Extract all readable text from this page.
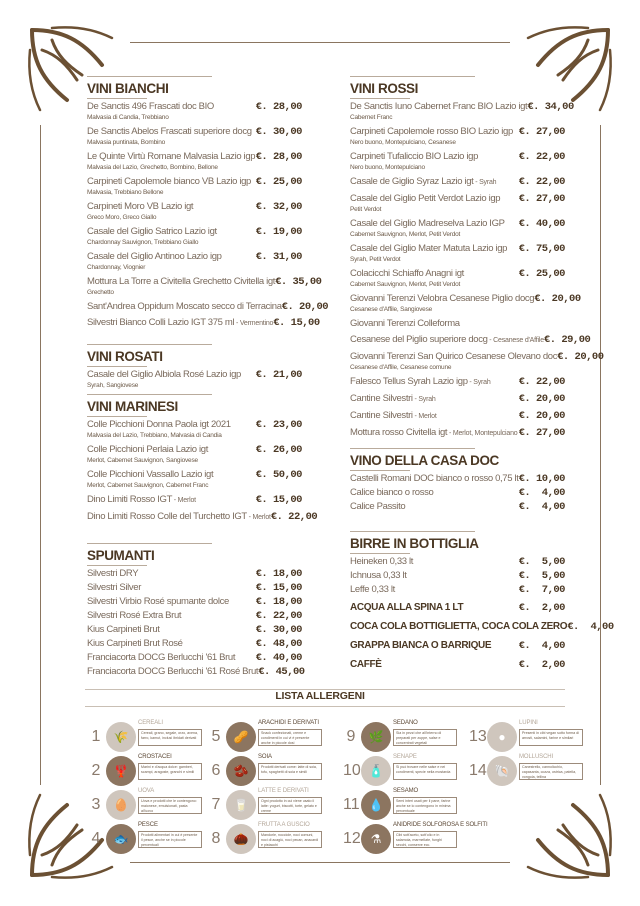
VINI BIANCHI
De Sanctis 496 Frascati doc BIO
Malvasia di Candia, Trebbiano
€. 28,00
De Sanctis Abelos Frascati superiore docg
Malvasia puntinata, Bombino
€. 30,00
Le Quinte Virtù Romane Malvasia Lazio igp
Malvasia del Lazio, Grechetto, Bombino, Bellone
€. 28,00
Carpineti Capolemole bianco VB Lazio igp
Malvasia, Trebbiano Bellone
€. 25,00
Carpineti Moro VB Lazio igt
Greco Moro, Greco Giallo
€. 32,00
Casale del Giglio Satrico Lazio igt
Chardonnay Sauvignon, Trebbiano Giallo
€. 19,00
Casale del Giglio Antinoo Lazio igp
Chardonnay, Viognier
€. 31,00
Mottura La Torre a Civitella Grechetto Civitella igt
Grechetto
€. 35,00
Sant'Andrea Oppidum Moscato secco di Terracina €. 20,00
Silvestri Bianco Colli Lazio IGT 375 ml - Vermentino €. 15,00
VINI ROSATI
Casale del Giglio Albiola Rosé Lazio igp
Syrah, Sangiovese
€. 21,00
VINI MARINESI
Colle Picchioni Donna Paola igt 2021
Malvasia del Lazio, Trebbiano, Malvasia di Candia
€. 23,00
Colle Picchioni Perlaia Lazio igt
Merlot, Cabernet Sauvignon, Sangiovese
€. 26,00
Colle Picchioni Vassallo Lazio igt
Merlot, Cabernet Sauvignon, Cabernet Franc
€. 50,00
Dino Limiti Rosso IGT - Merlot	€. 15,00
Dino Limiti Rosso Colle del Turchetto IGT - Merlot €. 22,00
SPUMANTI
Silvestri DRY	€. 18,00
Silvestri Silver	€. 15,00
Silvestri Virbio Rosé spumante dolce	€. 18,00
Silvestri Rosé Extra Brut	€. 22,00
Kius Carpineti Brut	€. 30,00
Kius Carpineti Brut Rosé	€. 48,00
Franciacorta DOCG Berlucchi '61 Brut €. 40,00
Franciacorta DOCG Berlucchi '61 Rosé Brut €. 45,00
VINI ROSSI
De Sanctis Iuno Cabernet Franc BIO Lazio igt
Cabernet Franc
€. 34,00
Carpineti Capolemole rosso BIO Lazio igp
Nero buono, Montepulciano, Cesanese
€. 27,00
Carpineti Tufaliccio BIO Lazio igp
Nero buono, Montepulciano
€. 22,00
Casale de Giglio Syraz Lazio igt - Syrah €. 22,00
Casale del Giglio Petit Verdot Lazio igp
Petit Verdot
€. 27,00
Casale del Giglio Madreselva Lazio IGP
Cabernet Sauvignon, Merlot, Petit Verdot
€. 40,00
Casale del Giglio Mater Matuta Lazio igp
Syrah, Petit Verdot
€. 75,00
Colacicchi Schiaffo Anagni igt
Cabernet Sauvignon, Merlot, Petit Verdot
€. 25,00
Giovanni Terenzi Velobra Cesanese Piglio docg
Cesanese d'Affile, Sangiovese
€. 20,00
Giovanni Terenzi Colleforma
Cesanese del Piglio superiore docg - Cesanese d'Affile €. 29,00
Giovanni Terenzi San Quirico Cesanese Olevano doc
Cesanese d'Affile, Cesanese comune
€. 20,00
Falesco Tellus Syrah Lazio igp - Syrah	€. 22,00
Cantine Silvestri - Syrah	€. 20,00
Cantine Silvestri - Merlot	€. 20,00
Mottura rosso Civitella igt - Merlot, Montepulciano €. 27,00
VINO DELLA CASA DOC
Castelli Romani DOC bianco o rosso 0,75 lt €. 10,00
Calice bianco o rosso	€.  4,00
Calice Passito	€.  4,00
BIRRE IN BOTTIGLIA
Heineken 0,33 lt	€.  5,00
Ichnusa 0,33 lt	€.  5,00
Leffe 0,33 lt	€.  7,00
ACQUA ALLA SPINA 1 LT	€.  2,00
COCA COLA BOTTIGLIETTA, COCA COLA ZERO €.  4,00
GRAPPA BIANCA O BARRIQUE	€.  4,00
CAFFÈ	€.  2,00
LISTA ALLERGENI
1	🌾
CEREALI
Cereali, grano, segale, orzo, avena, farro, kamut, inclusi ibridati derivati
2	🦞
CROSTACEI
Marini e d'acqua dolce: gamberi, scampi, aragoste, granchi e simili
3	🥚
UOVA
Uova e prodotti che le contengono: maionese, emulsionati, pasta all'uovo
4	🐟
PESCE
Prodotti alimentari in cui è presente il pesce, anche se in piccole percentuali
5	🥜
ARACHIDI E DERIVATI
Snack confezionati, creme e condimenti in cui vi è presente anche in piccole dosi
6	🫘
SOIA
Prodotti derivati come: latte di soia, tofu, spaghetti di soia e simili
7	🥛
LATTE E DERIVATI
Ogni prodotto in cui viene usato il latte: yogurt, biscotti, torte, gelato e creme
8	🌰
FRUTTA A GUSCIO
Mandorle, nocciole, noci comuni, noci di acagiù, noci pecan, anacardi e pistacchi
9	🌿
SEDANO
Sia in pezzi che all'interno di preparati per zuppe, salse e concentrati vegetali
10 🧴
SENAPE
Si può trovare nelle salse e nei condimenti, specie nella mostarda
11 💧
SESAMO
Semi interi usati per il pane, farine anche se lo contengono in minima percentuale
12 ⚗
ANIDRIDE SOLFOROSA E SOLFITI
Cibi sott'aceto, sott'olio e in salamoia, marmellate, funghi secchi, conserve ecc.
13 ●
LUPINI
Presenti in cibi vegan sotto forma di arrosti, salamini, farine e similari
14 🐚
MOLLUSCHI
Canestrello, cannolicchio, capasanta, cozza, ostrica, patella, vongola, tellina
